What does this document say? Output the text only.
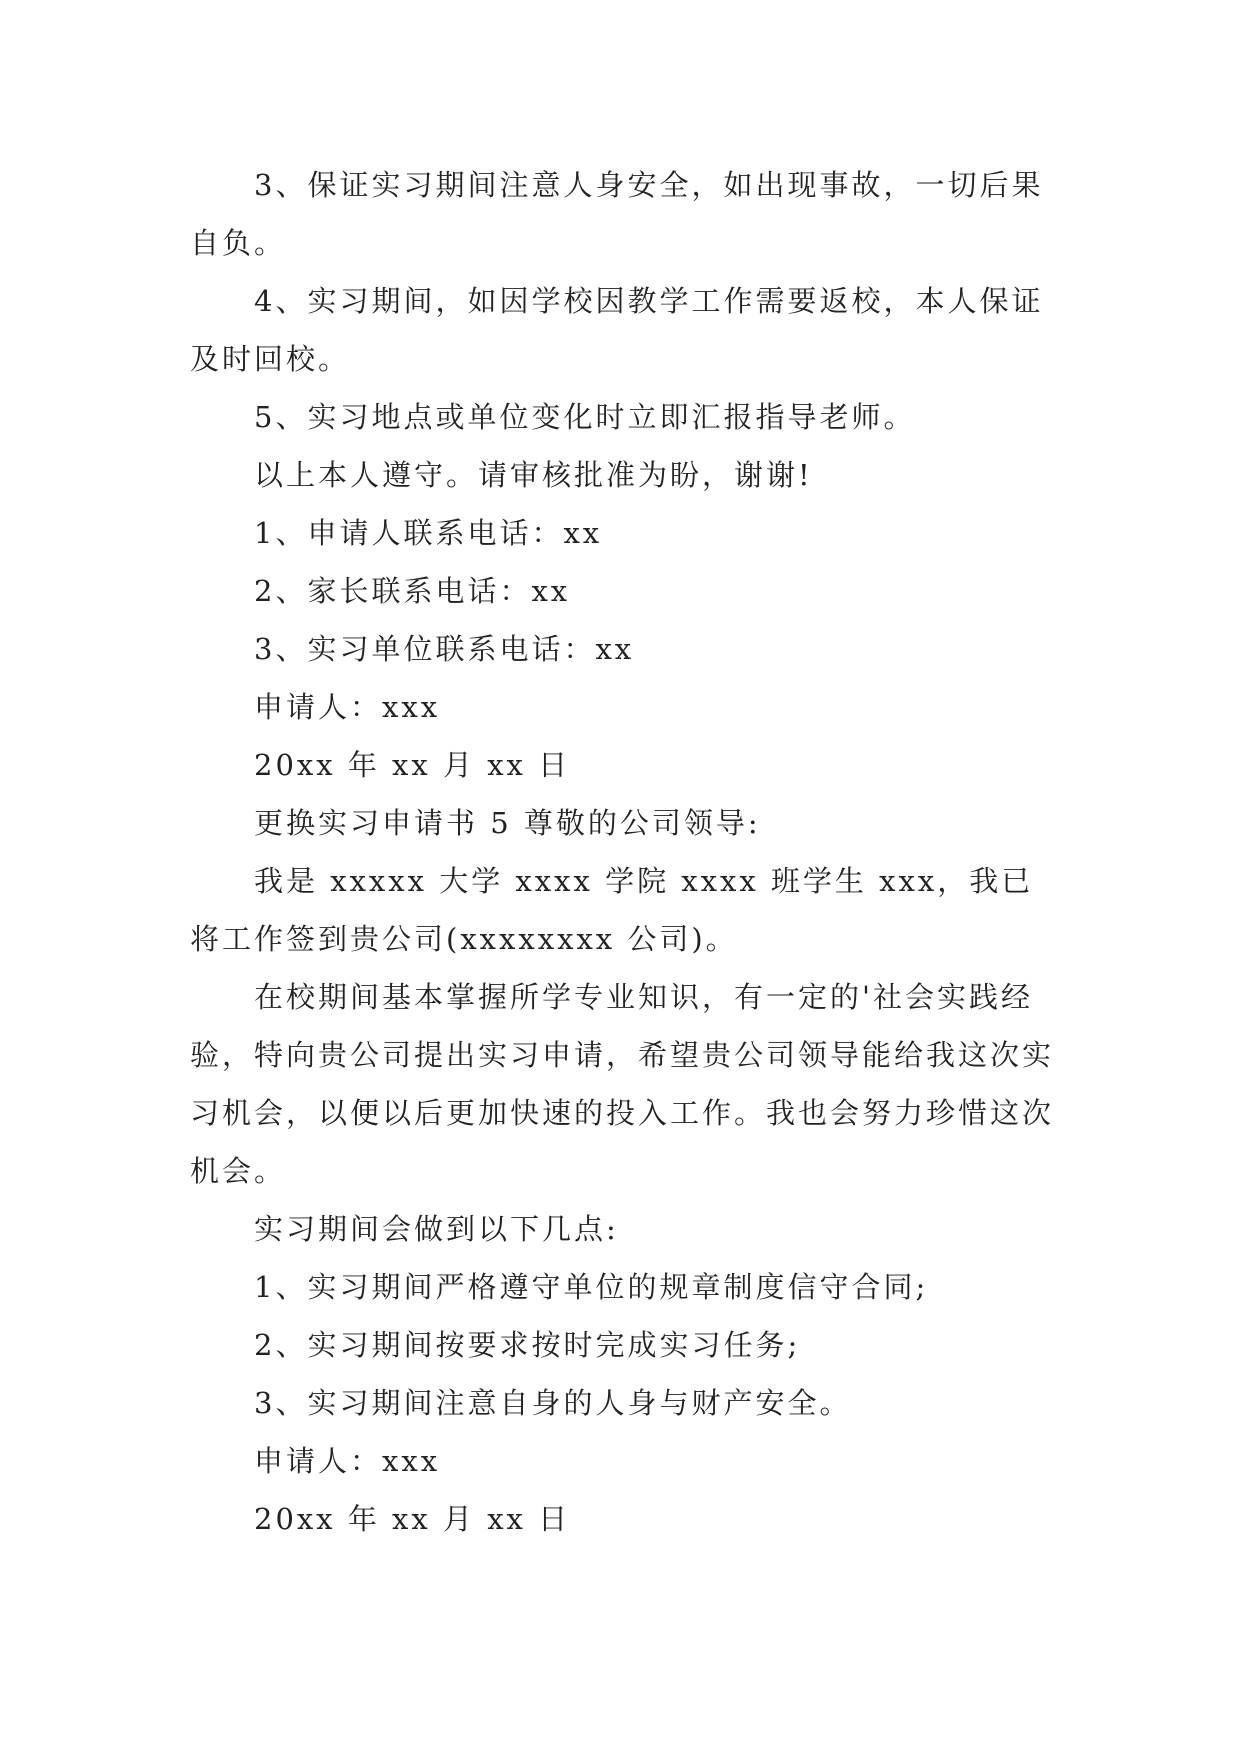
3、保证实习期间注意人身安全，如出现事故，一切后果自负。

4、实习期间，如因学校因教学工作需要返校，本人保证及时回校。

5、实习地点或单位变化时立即汇报指导老师。

以上本人遵守。请审核批准为盼，谢谢!

1、申请人联系电话：xx

2、家长联系电话：xx

3、实习单位联系电话：xx

申请人：xxx

20xx 年 xx 月 xx 日

更换实习申请书 5 尊敬的公司领导:

我是 xxxxx 大学 xxxx 学院 xxxx 班学生 xxx，我已将工作签到贵公司(xxxxxxxx 公司)。

在校期间基本掌握所学专业知识，有一定的'社会实践经验，特向贵公司提出实习申请，希望贵公司领导能给我这次实习机会，以便以后更加快速的投入工作。我也会努力珍惜这次机会。

实习期间会做到以下几点:

1、实习期间严格遵守单位的规章制度信守合同;

2、实习期间按要求按时完成实习任务;

3、实习期间注意自身的人身与财产安全。

申请人：xxx

20xx 年 xx 月 xx 日
